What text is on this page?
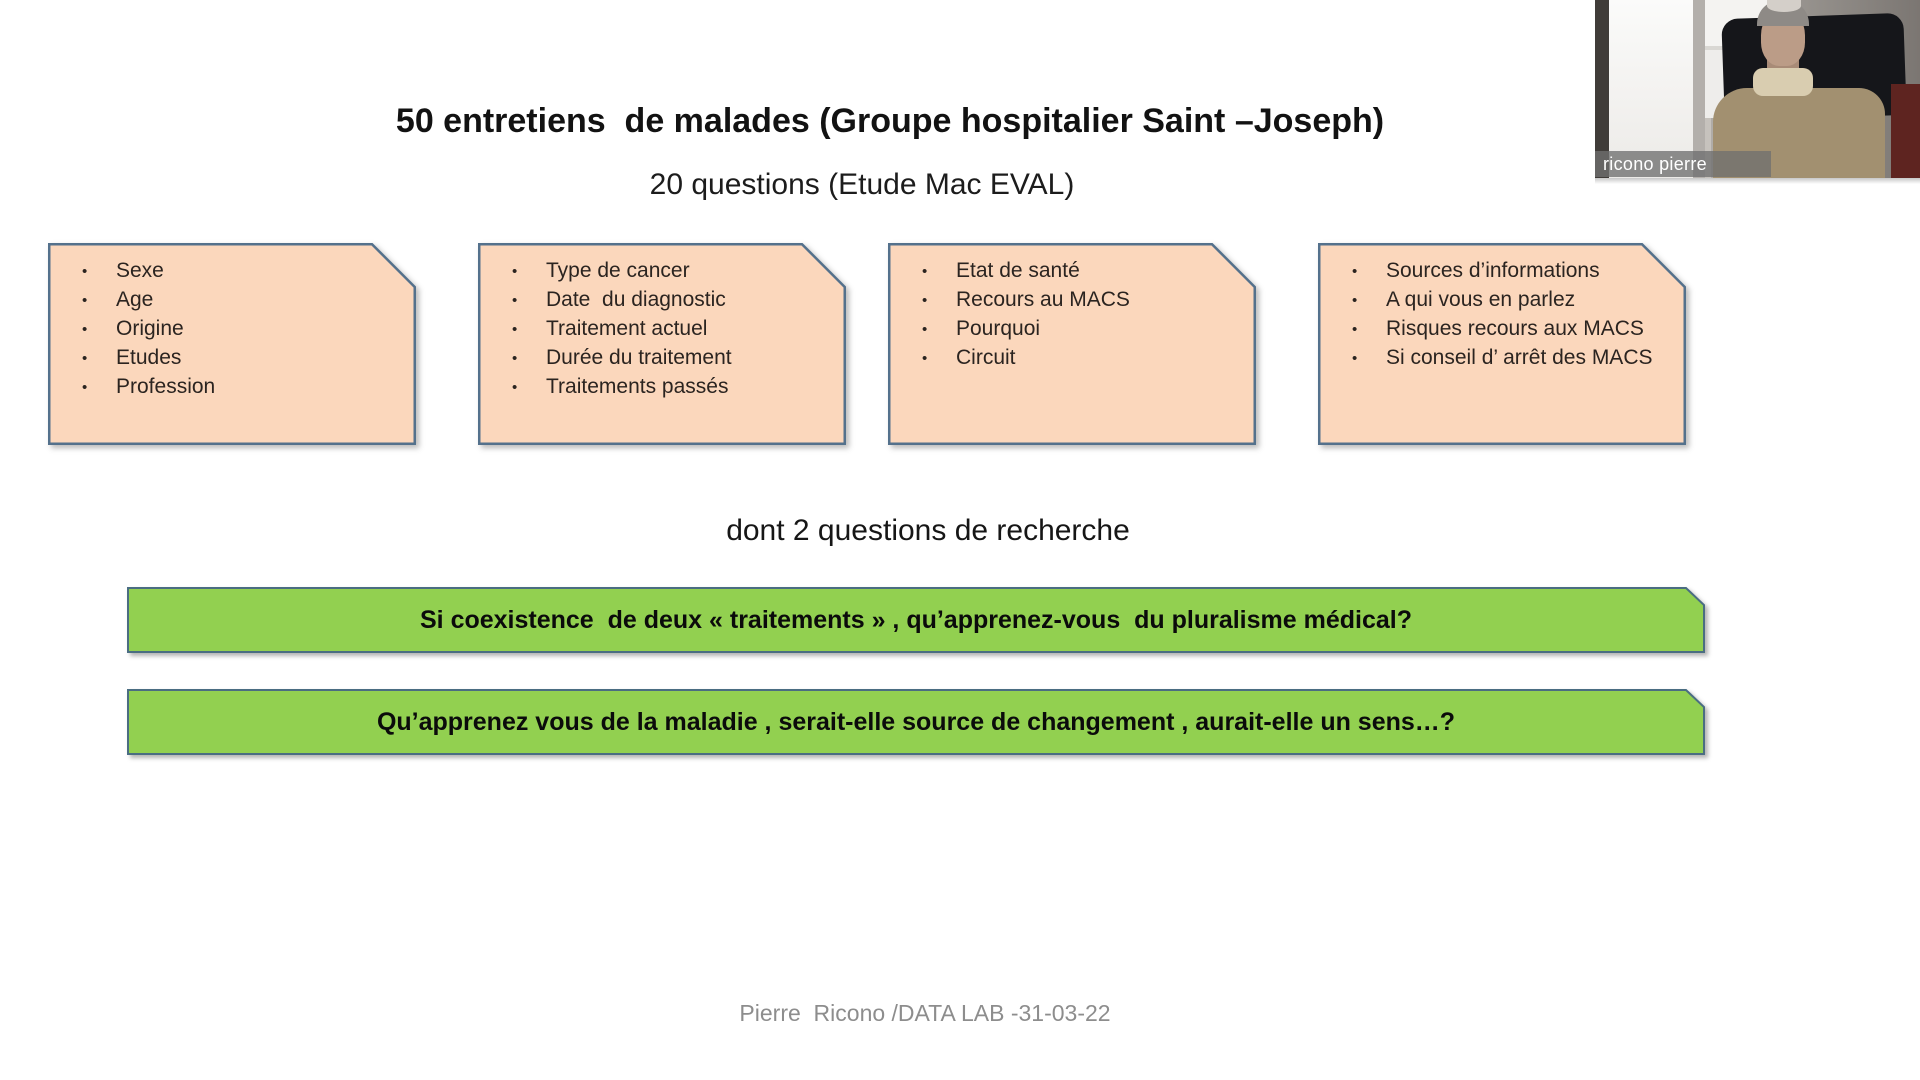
50 entretiens  de malades (Groupe hospitalier Saint –Joseph)
20 questions (Etude Mac EVAL)
•	Sexe
•	Age
•	Origine
•	Etudes
•	Profession
•	Type de cancer
•	Date  du diagnostic
•	Traitement actuel
•	Durée du traitement
•	Traitements passés
•	Etat de santé
•	Recours au MACS
•	Pourquoi
•	Circuit
•	Sources d’informations
•	A qui vous en parlez
•	Risques recours aux MACS
•	Si conseil d’ arrêt des MACS
dont 2 questions de recherche
Si coexistence  de deux « traitements » , qu’apprenez-vous  du pluralisme médical?
Qu’apprenez vous de la maladie , serait-elle source de changement , aurait-elle un sens…?
Pierre  Ricono /DATA LAB -31-03-22
ricono pierre
